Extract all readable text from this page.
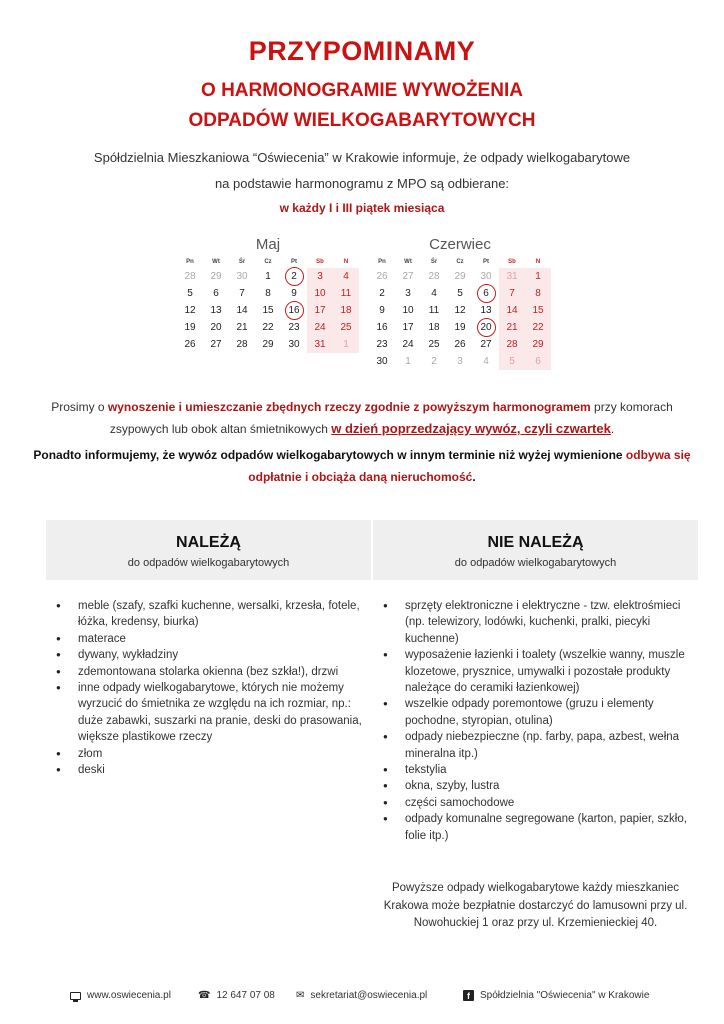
PRZYPOMINAMY
O HARMONOGRAMIE WYWOŻENIA
ODPADÓW WIELKOGABARYTOWYCH
Spółdzielnia Mieszkaniowa “Oświecenia” w Krakowie informuje, że odpady wielkogabarytowe
na podstawie harmonogramu z MPO są odbierane:
w każdy I i III piątek miesiąca
Maj
Pn	Wt	Śr	Cz	Pt	Sb	N
28	29	30	1	2	3	4
5	6	7	8	9	10	11
12	13	14	15	16	17	18
19	20	21	22	23	24	25
26	27	28	29	30	31	1
Czerwiec
Pn	Wt	Śr	Cz	Pt	Sb	N
26	27	28	29	30	31	1
2	3	4	5	6	7	8
9	10	11	12	13	14	15
16	17	18	19	20	21	22
23	24	25	26	27	28	29
30	1	2	3	4	5	6
Prosimy o wynoszenie i umieszczanie zbędnych rzeczy zgodnie z powyższym harmonogramem przy komorach zsypowych lub obok altan śmietnikowych w dzień poprzedzający wywóz, czyli czwartek.
Ponadto informujemy, że wywóz odpadów wielkogabarytowych w innym terminie niż wyżej wymienione odbywa się odpłatnie i obciąża daną nieruchomość.
NALEŻĄ
do odpadów wielkogabarytowych
● meble (szafy, szafki kuchenne, wersalki, krzesła, fotele, łóżka, kredensy, biurka)
● materace
● dywany, wykładziny
● zdemontowana stolarka okienna (bez szkła!), drzwi
● inne odpady wielkogabarytowe, których nie możemy wyrzucić do śmietnika ze względu na ich rozmiar, np.: duże zabawki, suszarki na pranie, deski do prasowania, większe plastikowe rzeczy
● złom
● deski
NIE NALEŻĄ
do odpadów wielkogabarytowych
● sprzęty elektroniczne i elektryczne - tzw. elektrośmieci (np. telewizory, lodówki, kuchenki, pralki, piecyki kuchenne)
● wyposażenie łazienki i toalety (wszelkie wanny, muszle klozetowe, prysznice, umywalki i pozostałe produkty należące do ceramiki łazienkowej)
● wszelkie odpady poremontowe (gruzu i elementy pochodne, styropian, otulina)
● odpady niebezpieczne (np. farby, papa, azbest, wełna mineralna itp.)
● tekstylia
● okna, szyby, lustra
● części samochodowe
● odpady komunalne segregowane (karton, papier, szkło, folie itp.)
Powyższe odpady wielkogabarytowe każdy mieszkaniec Krakowa może bezpłatnie dostarczyć do lamusowni przy ul. Nowohuckiej 1 oraz przy ul. Krzemienieckiej 40.
www.oswiecenia.pl	☎ 12 647 07 08 ✉ sekretariat@oswiecenia.pl	f	Spółdzielnia "Oświecenia" w Krakowie
